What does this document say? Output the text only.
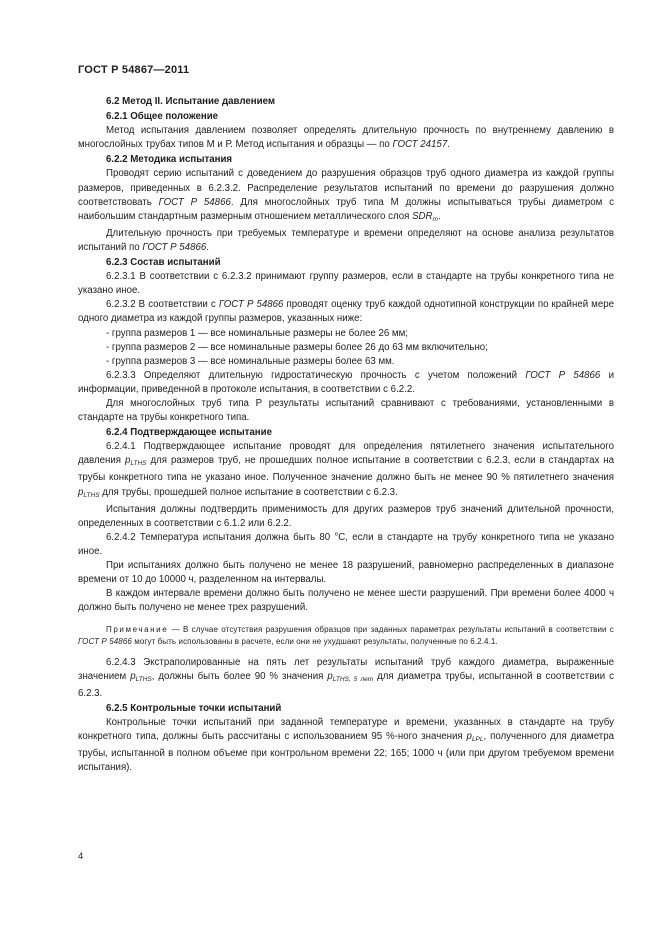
ГОСТ Р 54867—2011

6.2 Метод II. Испытание давлением

6.2.1 Общее положение

Метод испытания давлением позволяет определять длительную прочность по внутреннему давлению в многослойных трубах типов М и Р. Метод испытания и образцы — по ГОСТ 24157.

6.2.2 Методика испытания

Проводят серию испытаний с доведением до разрушения образцов труб одного диаметра из каждой группы размеров, приведенных в 6.2.3.2. Распределение результатов испытаний по времени до разрушения должно соответствовать ГОСТ Р 54866. Для многослойных труб типа М должны испытываться трубы диаметром с наибольшим стандартным размерным отношением металлического слоя $SDR_m$.

Длительную прочность при требуемых температуре и времени определяют на основе анализа результатов испытаний по ГОСТ Р 54866.

6.2.3 Состав испытаний

6.2.3.1 В соответствии с 6.2.3.2 принимают группу размеров, если в стандарте на трубы конкретного типа не указано иное.

6.2.3.2 В соответствии с ГОСТ Р 54866 проводят оценку труб каждой однотипной конструкции по крайней мере одного диаметра из каждой группы размеров, указанных ниже:

- группа размеров 1 — все номинальные размеры не более 26 мм;

- группа размеров 2 — все номинальные размеры более 26 до 63 мм включительно;

- группа размеров 3 — все номинальные размеры более 63 мм.

6.2.3.3 Определяют длительную гидростатическую прочность с учетом положений ГОСТ Р 54866 и информации, приведенной в протоколе испытания, в соответствии с 6.2.2.

Для многослойных труб типа Р результаты испытаний сравнивают с требованиями, установленными в стандарте на трубы конкретного типа.

6.2.4 Подтверждающее испытание

6.2.4.1 Подтверждающее испытание проводят для определения пятилетнего значения испытательного давления $p_{LTHS}$ для размеров труб, не прошедших полное испытание в соответствии с 6.2.3, если в стандартах на трубы конкретного типа не указано иное. Полученное значение должно быть не менее 90 % пятилетнего значения $p_{LTHS}$ для трубы, прошедшей полное испытание в соответствии с 6.2.3.

Испытания должны подтвердить применимость для других размеров труб значений длительной прочности, определенных в соответствии с 6.1.2 или 6.2.2.

6.2.4.2 Температура испытания должна быть 80 °С, если в стандарте на трубу конкретного типа не указано иное.

При испытаниях должно быть получено не менее 18 разрушений, равномерно распределенных в диапазоне времени от 10 до 10000 ч, разделенном на интервалы.

В каждом интервале времени должно быть получено не менее шести разрушений. При времени более 4000 ч должно быть получено не менее трех разрушений.

Примечание — В случае отсутствия разрушения образцов при заданных параметрах результаты испытаний в соответствии с ГОСТ Р 54866 могут быть использованы в расчете, если они не ухудшают результаты, полученные по 6.2.4.1.

6.2.4.3 Экстраполированные на пять лет результаты испытаний труб каждого диаметра, выраженные значением $p_{LTHS}$, должны быть более 90 % значения $p_{LTHS, 5 лет}$ для диаметра трубы, испытанной в соответствии с 6.2.3.

6.2.5 Контрольные точки испытаний

Контрольные точки испытаний при заданной температуре и времени, указанных в стандарте на трубу конкретного типа, должны быть рассчитаны с использованием 95 %-ного значения $p_{LPL}$, полученного для диаметра трубы, испытанной в полном объеме при контрольном времени 22; 165; 1000 ч (или при другом требуемом времени испытания).

4
